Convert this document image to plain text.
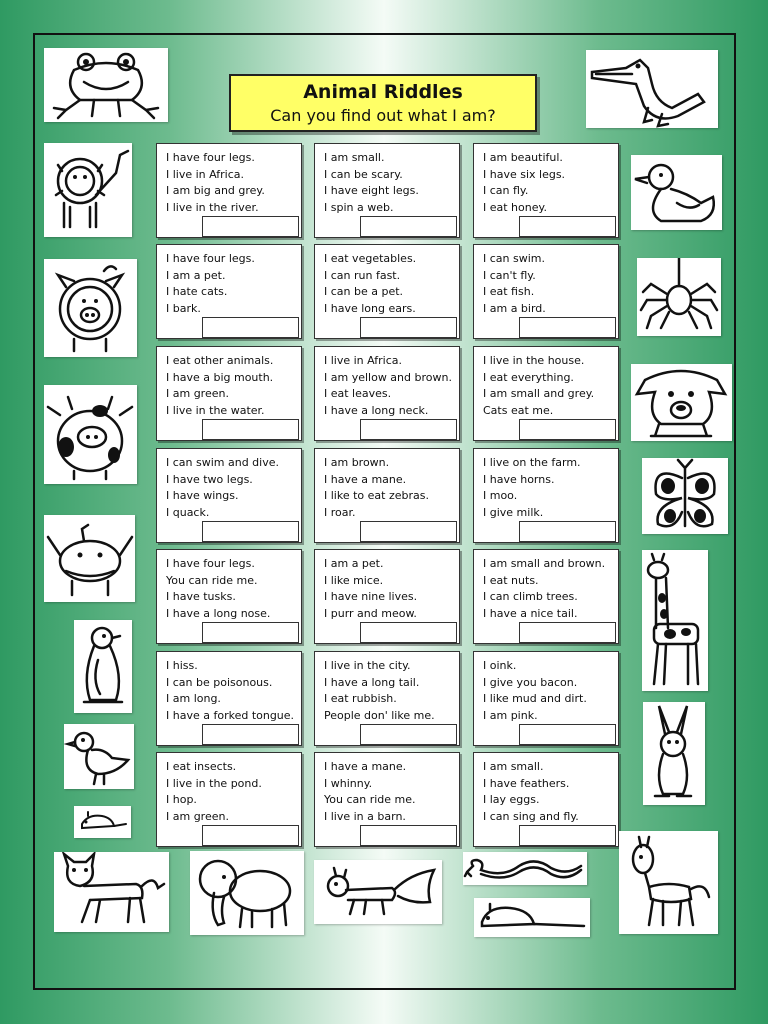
Animal Riddles
Can you find out what I am?
I have four legs.
I live in Africa.
I am big and grey.
I live in the river.
I am small.
I can be scary.
I have eight legs.
I spin a web.
I am beautiful.
I have six legs.
I can fly.
I eat honey.
I have four legs.
I am a pet.
I hate cats.
I bark.
I eat vegetables.
I can run fast.
I can be a pet.
I have long ears.
I can swim.
I can't fly.
I eat fish.
I am a bird.
I eat other animals.
I have a big mouth.
I am green.
I live in the water.
I live in Africa.
I am yellow and brown.
I eat leaves.
I have a long neck.
I live in the house.
I eat everything.
I am small and grey.
Cats eat me.
I can swim and dive.
I have two legs.
I have wings.
I quack.
I am brown.
I have a mane.
I like to eat zebras.
I roar.
I live on the farm.
I have horns.
I moo.
I give milk.
I have four legs.
You can ride me.
I have tusks.
I have a long nose.
I am a pet.
I like mice.
I have nine lives.
I purr and meow.
I am small and brown.
I eat nuts.
I can climb trees.
I have a nice tail.
I hiss.
I can be poisonous.
I am long.
I have a forked tongue.
I live in the city.
I have a long tail.
I eat rubbish.
People don' like me.
I oink.
I give you bacon.
I like mud and dirt.
I am pink.
I eat insects.
I live in the pond.
I hop.
I am green.
I have a mane.
I whinny.
You can ride me.
I live in a barn.
I am small.
I have feathers.
I lay eggs.
I can sing and fly.
